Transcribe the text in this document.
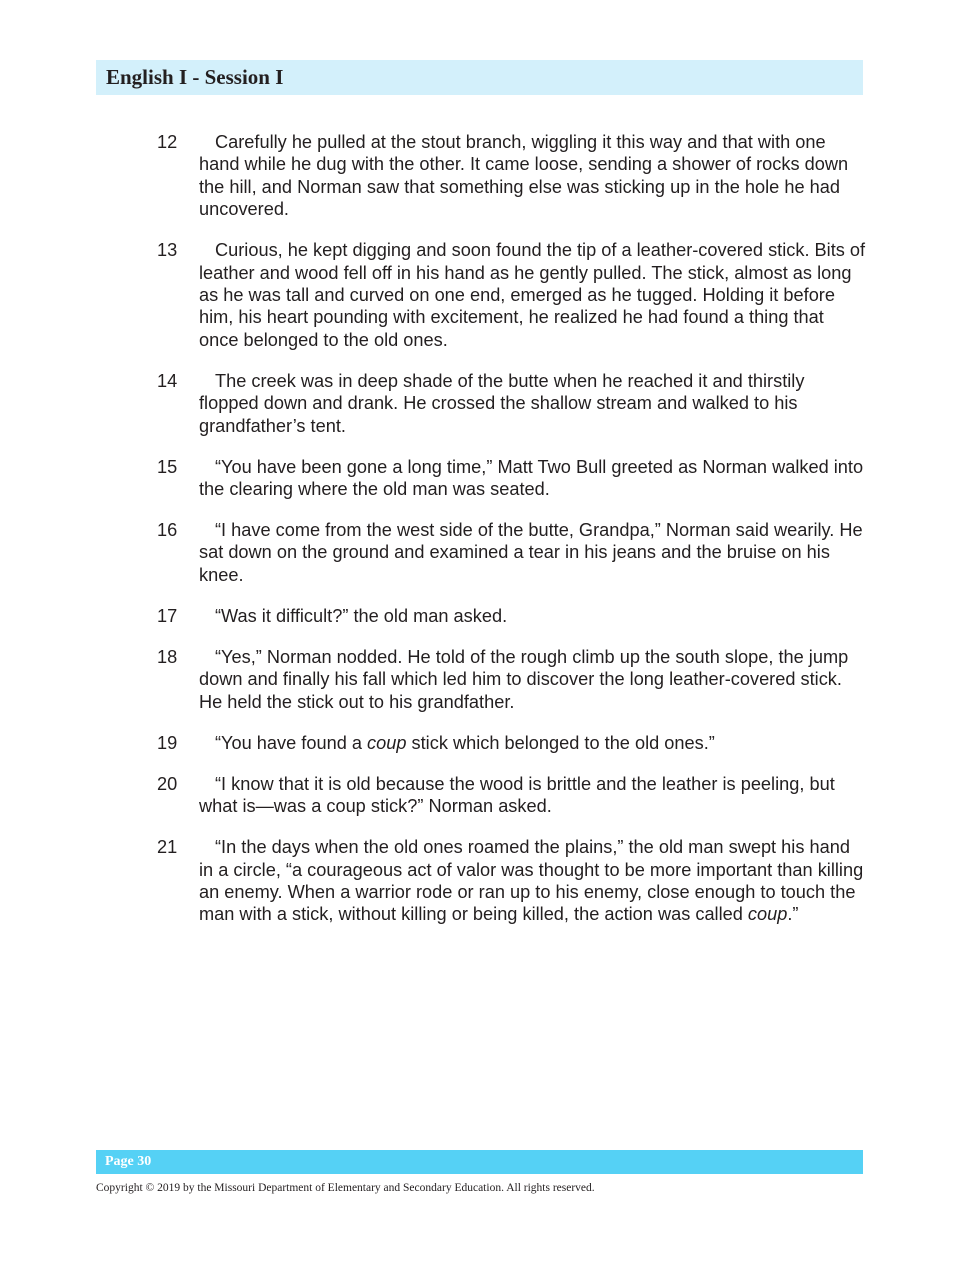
English I - Session I
12	Carefully he pulled at the stout branch, wiggling it this way and that with one hand while he dug with the other. It came loose, sending a shower of rocks down the hill, and Norman saw that something else was sticking up in the hole he had uncovered.
13	Curious, he kept digging and soon found the tip of a leather-covered stick. Bits of leather and wood fell off in his hand as he gently pulled. The stick, almost as long as he was tall and curved on one end, emerged as he tugged. Holding it before him, his heart pounding with excitement, he realized he had found a thing that once belonged to the old ones.
14	The creek was in deep shade of the butte when he reached it and thirstily flopped down and drank. He crossed the shallow stream and walked to his grandfather’s tent.
15	“You have been gone a long time,” Matt Two Bull greeted as Norman walked into the clearing where the old man was seated.
16	“I have come from the west side of the butte, Grandpa,” Norman said wearily. He sat down on the ground and examined a tear in his jeans and the bruise on his knee.
17	“Was it difficult?” the old man asked.
18	“Yes,” Norman nodded. He told of the rough climb up the south slope, the jump down and finally his fall which led him to discover the long leather-covered stick. He held the stick out to his grandfather.
19	“You have found a coup stick which belonged to the old ones.”
20	“I know that it is old because the wood is brittle and the leather is peeling, but what is—was a coup stick?” Norman asked.
21	“In the days when the old ones roamed the plains,” the old man swept his hand in a circle, “a courageous act of valor was thought to be more important than killing an enemy. When a warrior rode or ran up to his enemy, close enough to touch the man with a stick, without killing or being killed, the action was called coup.”
Page 30
Copyright © 2019 by the Missouri Department of Elementary and Secondary Education. All rights reserved.
